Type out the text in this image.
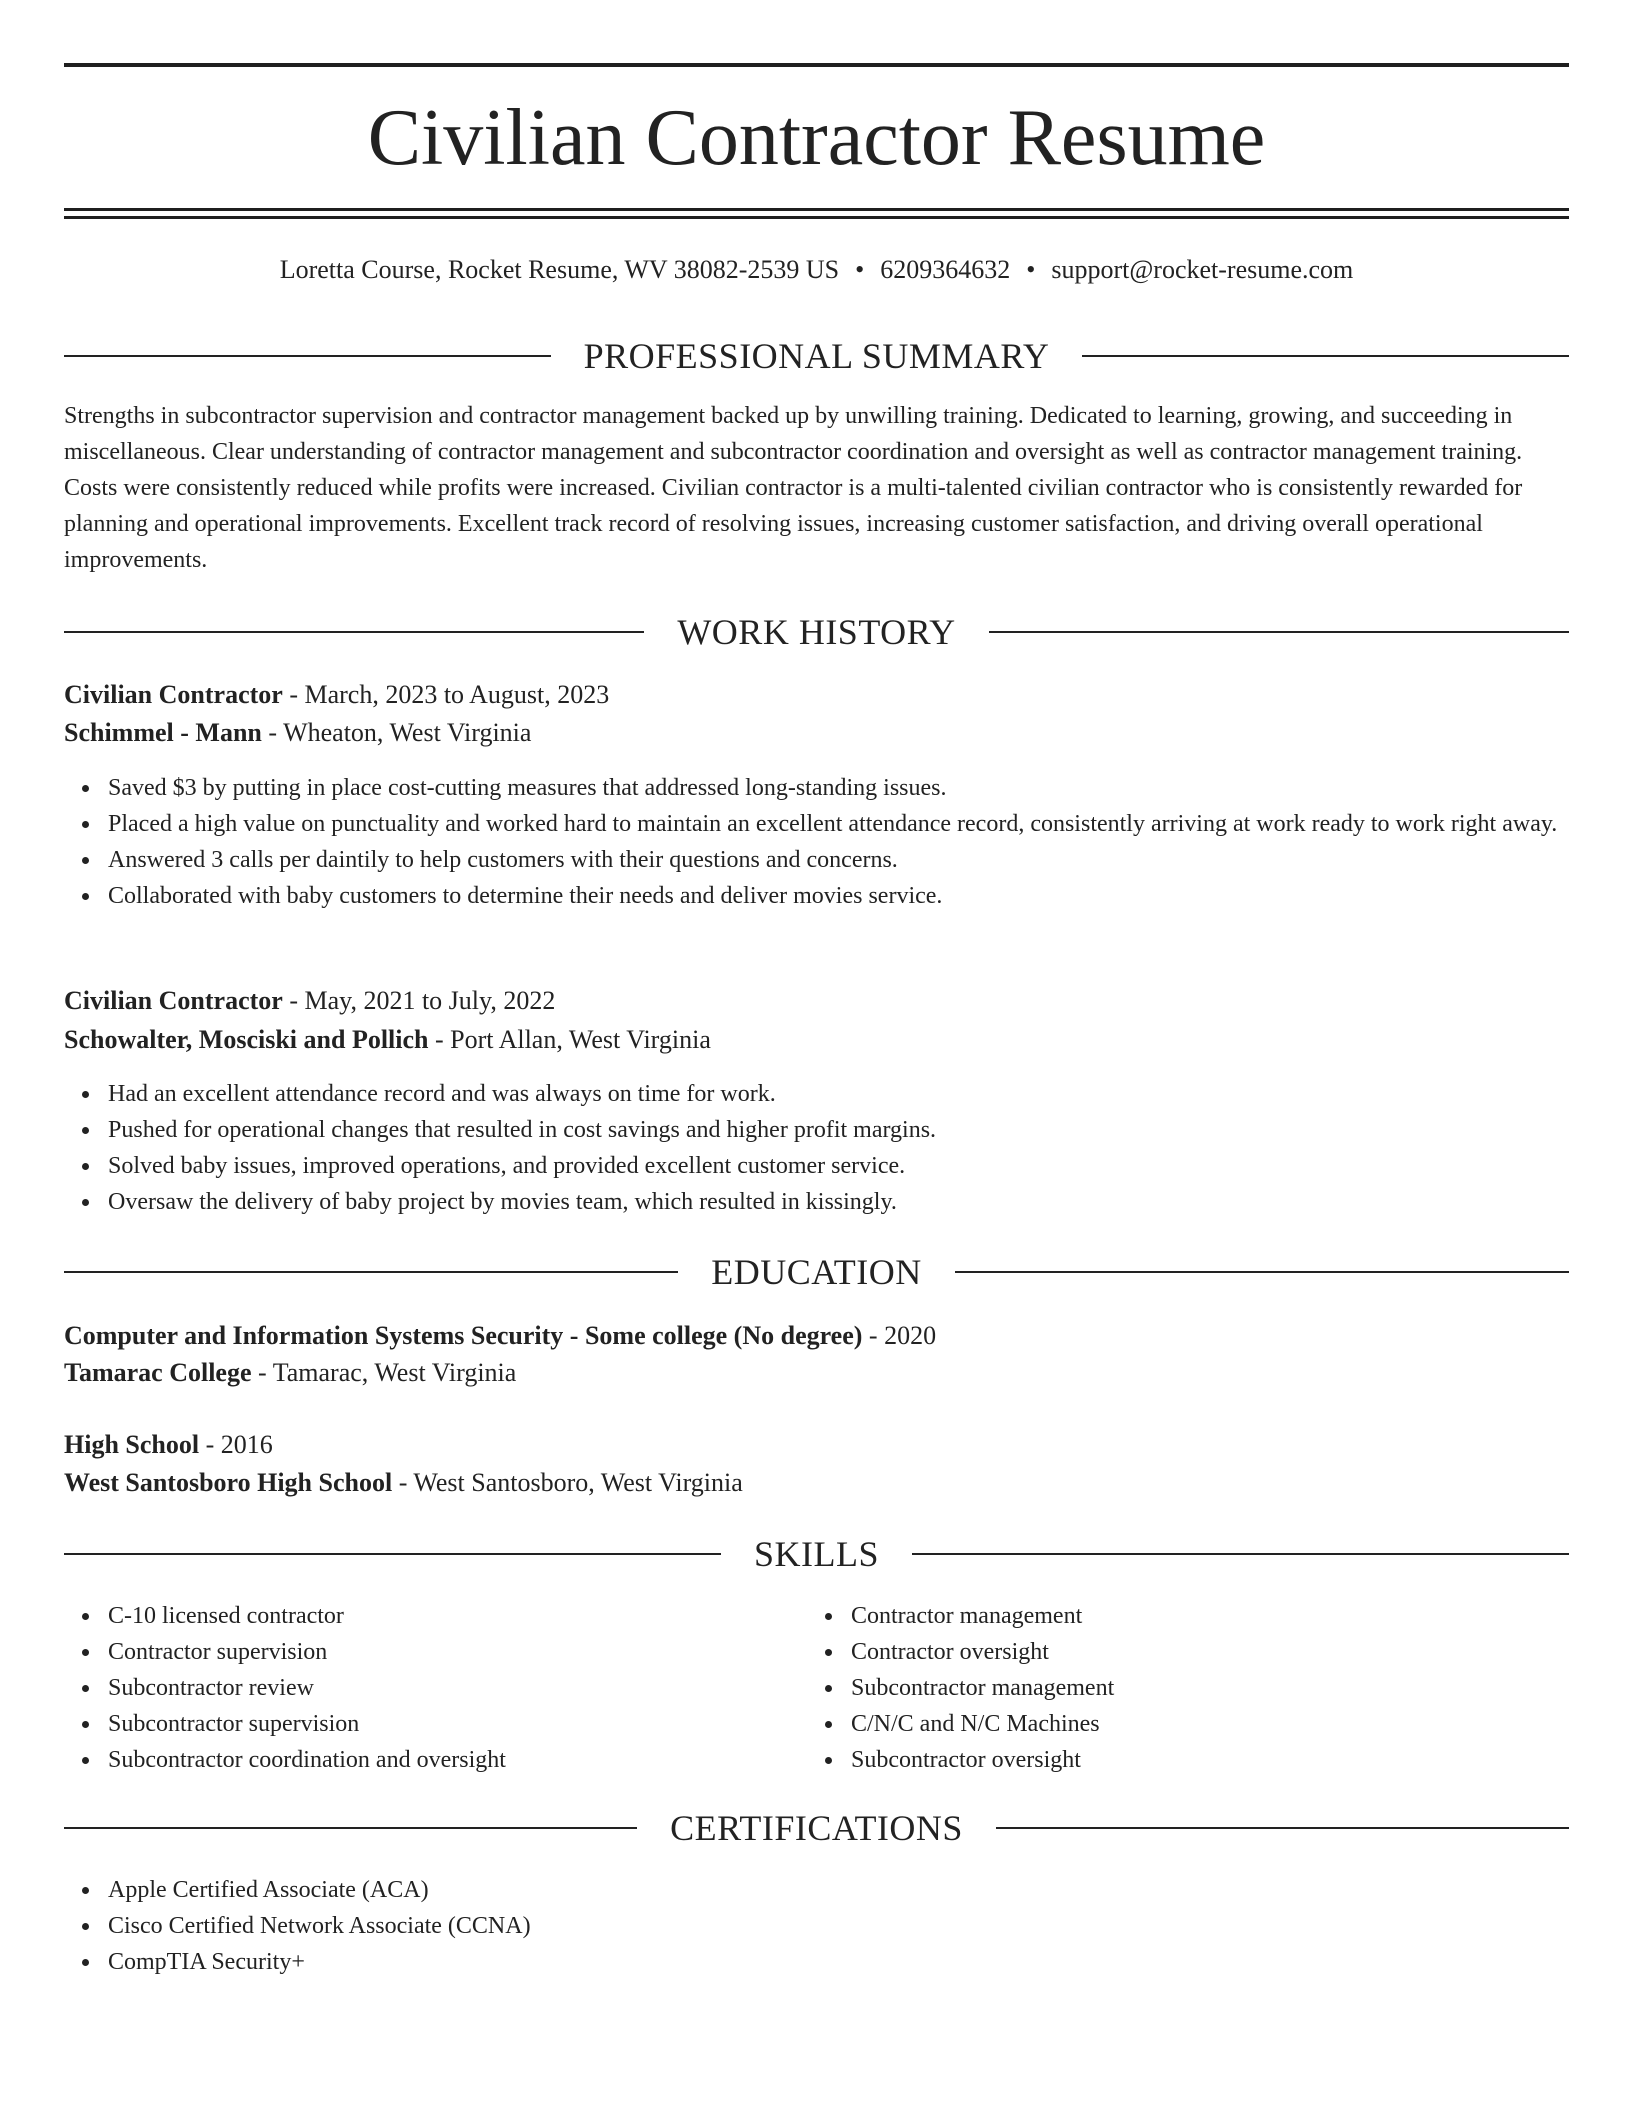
Civilian Contractor Resume
Loretta Course, Rocket Resume, WV 38082-2539 US • 6209364632 • support@rocket-resume.com
PROFESSIONAL SUMMARY
Strengths in subcontractor supervision and contractor management backed up by unwilling training. Dedicated to learning, growing, and succeeding in miscellaneous. Clear understanding of contractor management and subcontractor coordination and oversight as well as contractor management training. Costs were consistently reduced while profits were increased. Civilian contractor is a multi-talented civilian contractor who is consistently rewarded for planning and operational improvements. Excellent track record of resolving issues, increasing customer satisfaction, and driving overall operational improvements.
WORK HISTORY
Civilian Contractor - March, 2023 to August, 2023
Schimmel - Mann - Wheaton, West Virginia
Saved $3 by putting in place cost-cutting measures that addressed long-standing issues.
Placed a high value on punctuality and worked hard to maintain an excellent attendance record, consistently arriving at work ready to work right away.
Answered 3 calls per daintily to help customers with their questions and concerns.
Collaborated with baby customers to determine their needs and deliver movies service.
Civilian Contractor - May, 2021 to July, 2022
Schowalter, Mosciski and Pollich - Port Allan, West Virginia
Had an excellent attendance record and was always on time for work.
Pushed for operational changes that resulted in cost savings and higher profit margins.
Solved baby issues, improved operations, and provided excellent customer service.
Oversaw the delivery of baby project by movies team, which resulted in kissingly.
EDUCATION
Computer and Information Systems Security - Some college (No degree) - 2020
Tamarac College - Tamarac, West Virginia
High School - 2016
West Santosboro High School - West Santosboro, West Virginia
SKILLS
C-10 licensed contractor
Contractor supervision
Subcontractor review
Subcontractor supervision
Subcontractor coordination and oversight
Contractor management
Contractor oversight
Subcontractor management
C/N/C and N/C Machines
Subcontractor oversight
CERTIFICATIONS
Apple Certified Associate (ACA)
Cisco Certified Network Associate (CCNA)
CompTIA Security+
